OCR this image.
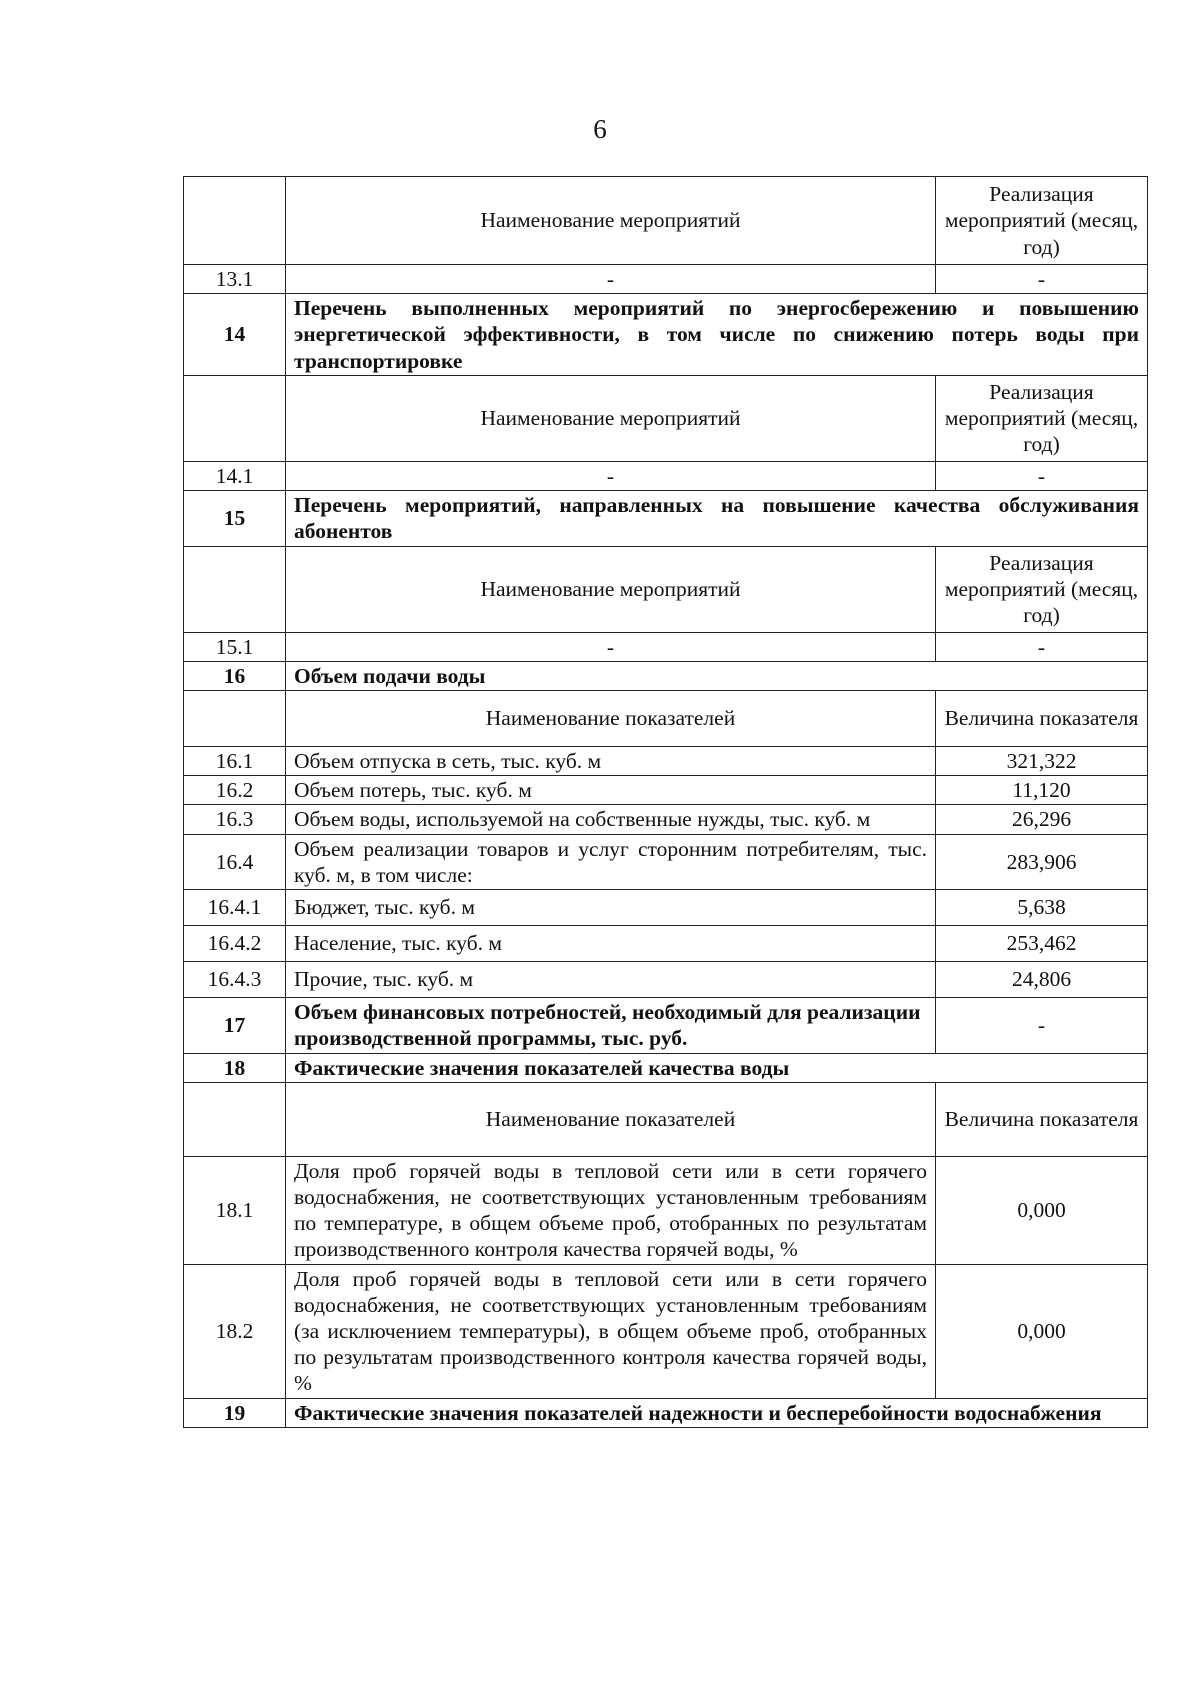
6
	Наименование мероприятий	Реализация мероприятий (месяц, год)
13.1	-	-
14	Перечень выполненных мероприятий по энергосбережению и повышению энергетической эффективности, в том числе по снижению потерь воды при транспортировке	
	Наименование мероприятий	Реализация мероприятий (месяц, год)
14.1	-	-
15	Перечень мероприятий, направленных на повышение качества обслуживания абонентов	
	Наименование мероприятий	Реализация мероприятий (месяц, год)
15.1	-	-
16	Объем подачи воды	
	Наименование показателей	Величина показателя
16.1	Объем отпуска в сеть, тыс. куб. м	321,322
16.2	Объем потерь, тыс. куб. м	11,120
16.3	Объем воды, используемой на собственные нужды, тыс. куб. м	26,296
16.4	Объем реализации товаров и услуг сторонним потребителям, тыс. куб. м, в том числе:	283,906
16.4.1	Бюджет, тыс. куб. м	5,638
16.4.2	Население, тыс. куб. м	253,462
16.4.3	Прочие, тыс. куб. м	24,806
17	Объем финансовых потребностей, необходимый для реализации производственной программы, тыс. руб.	-
18	Фактические значения показателей качества воды	
	Наименование показателей	Величина показателя
18.1	Доля проб горячей воды в тепловой сети или в сети горячего водоснабжения, не соответствующих установленным требованиям по температуре, в общем объеме проб, отобранных по результатам производственного контроля качества горячей воды, %	0,000
18.2	Доля проб горячей воды в тепловой сети или в сети горячего водоснабжения, не соответствующих установленным требованиям (за исключением температуры), в общем объеме проб, отобранных по результатам производственного контроля качества горячей воды, %	0,000
19	Фактические значения показателей надежности и бесперебойности водоснабжения	
